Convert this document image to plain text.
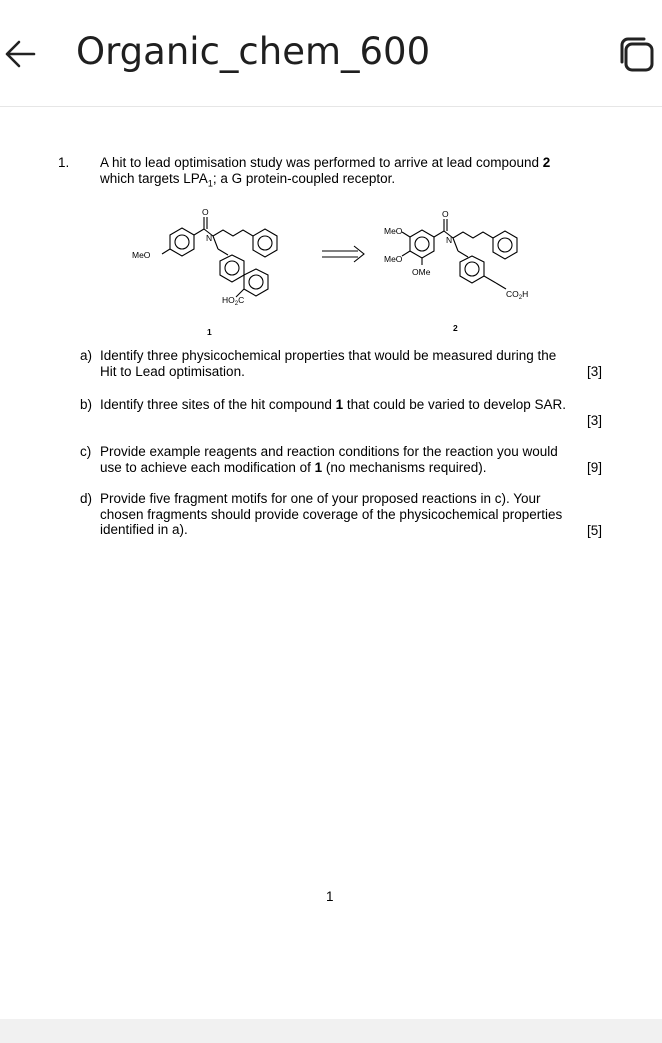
Organic_chem_600
1. A hit to lead optimisation study was performed to arrive at lead compound 2
which targets $LPA_1$; a G protein-coupled receptor.
MeO
O
N
$HO_2C$
1
MeO
MeO
OMe
O
N
$CO_2H$
2
a) Identify three physicochemical properties that would be measured during the Hit to Lead optimisation.	[3]
b) Identify three sites of the hit compound 1 that could be varied to develop SAR.
[3]
c) Provide example reagents and reaction conditions for the reaction you would use to achieve each modification of 1 (no mechanisms required).	[9]
d) Provide five fragment motifs for one of your proposed reactions in c). Your chosen fragments should provide coverage of the physicochemical properties identified in a).	[5]
1
